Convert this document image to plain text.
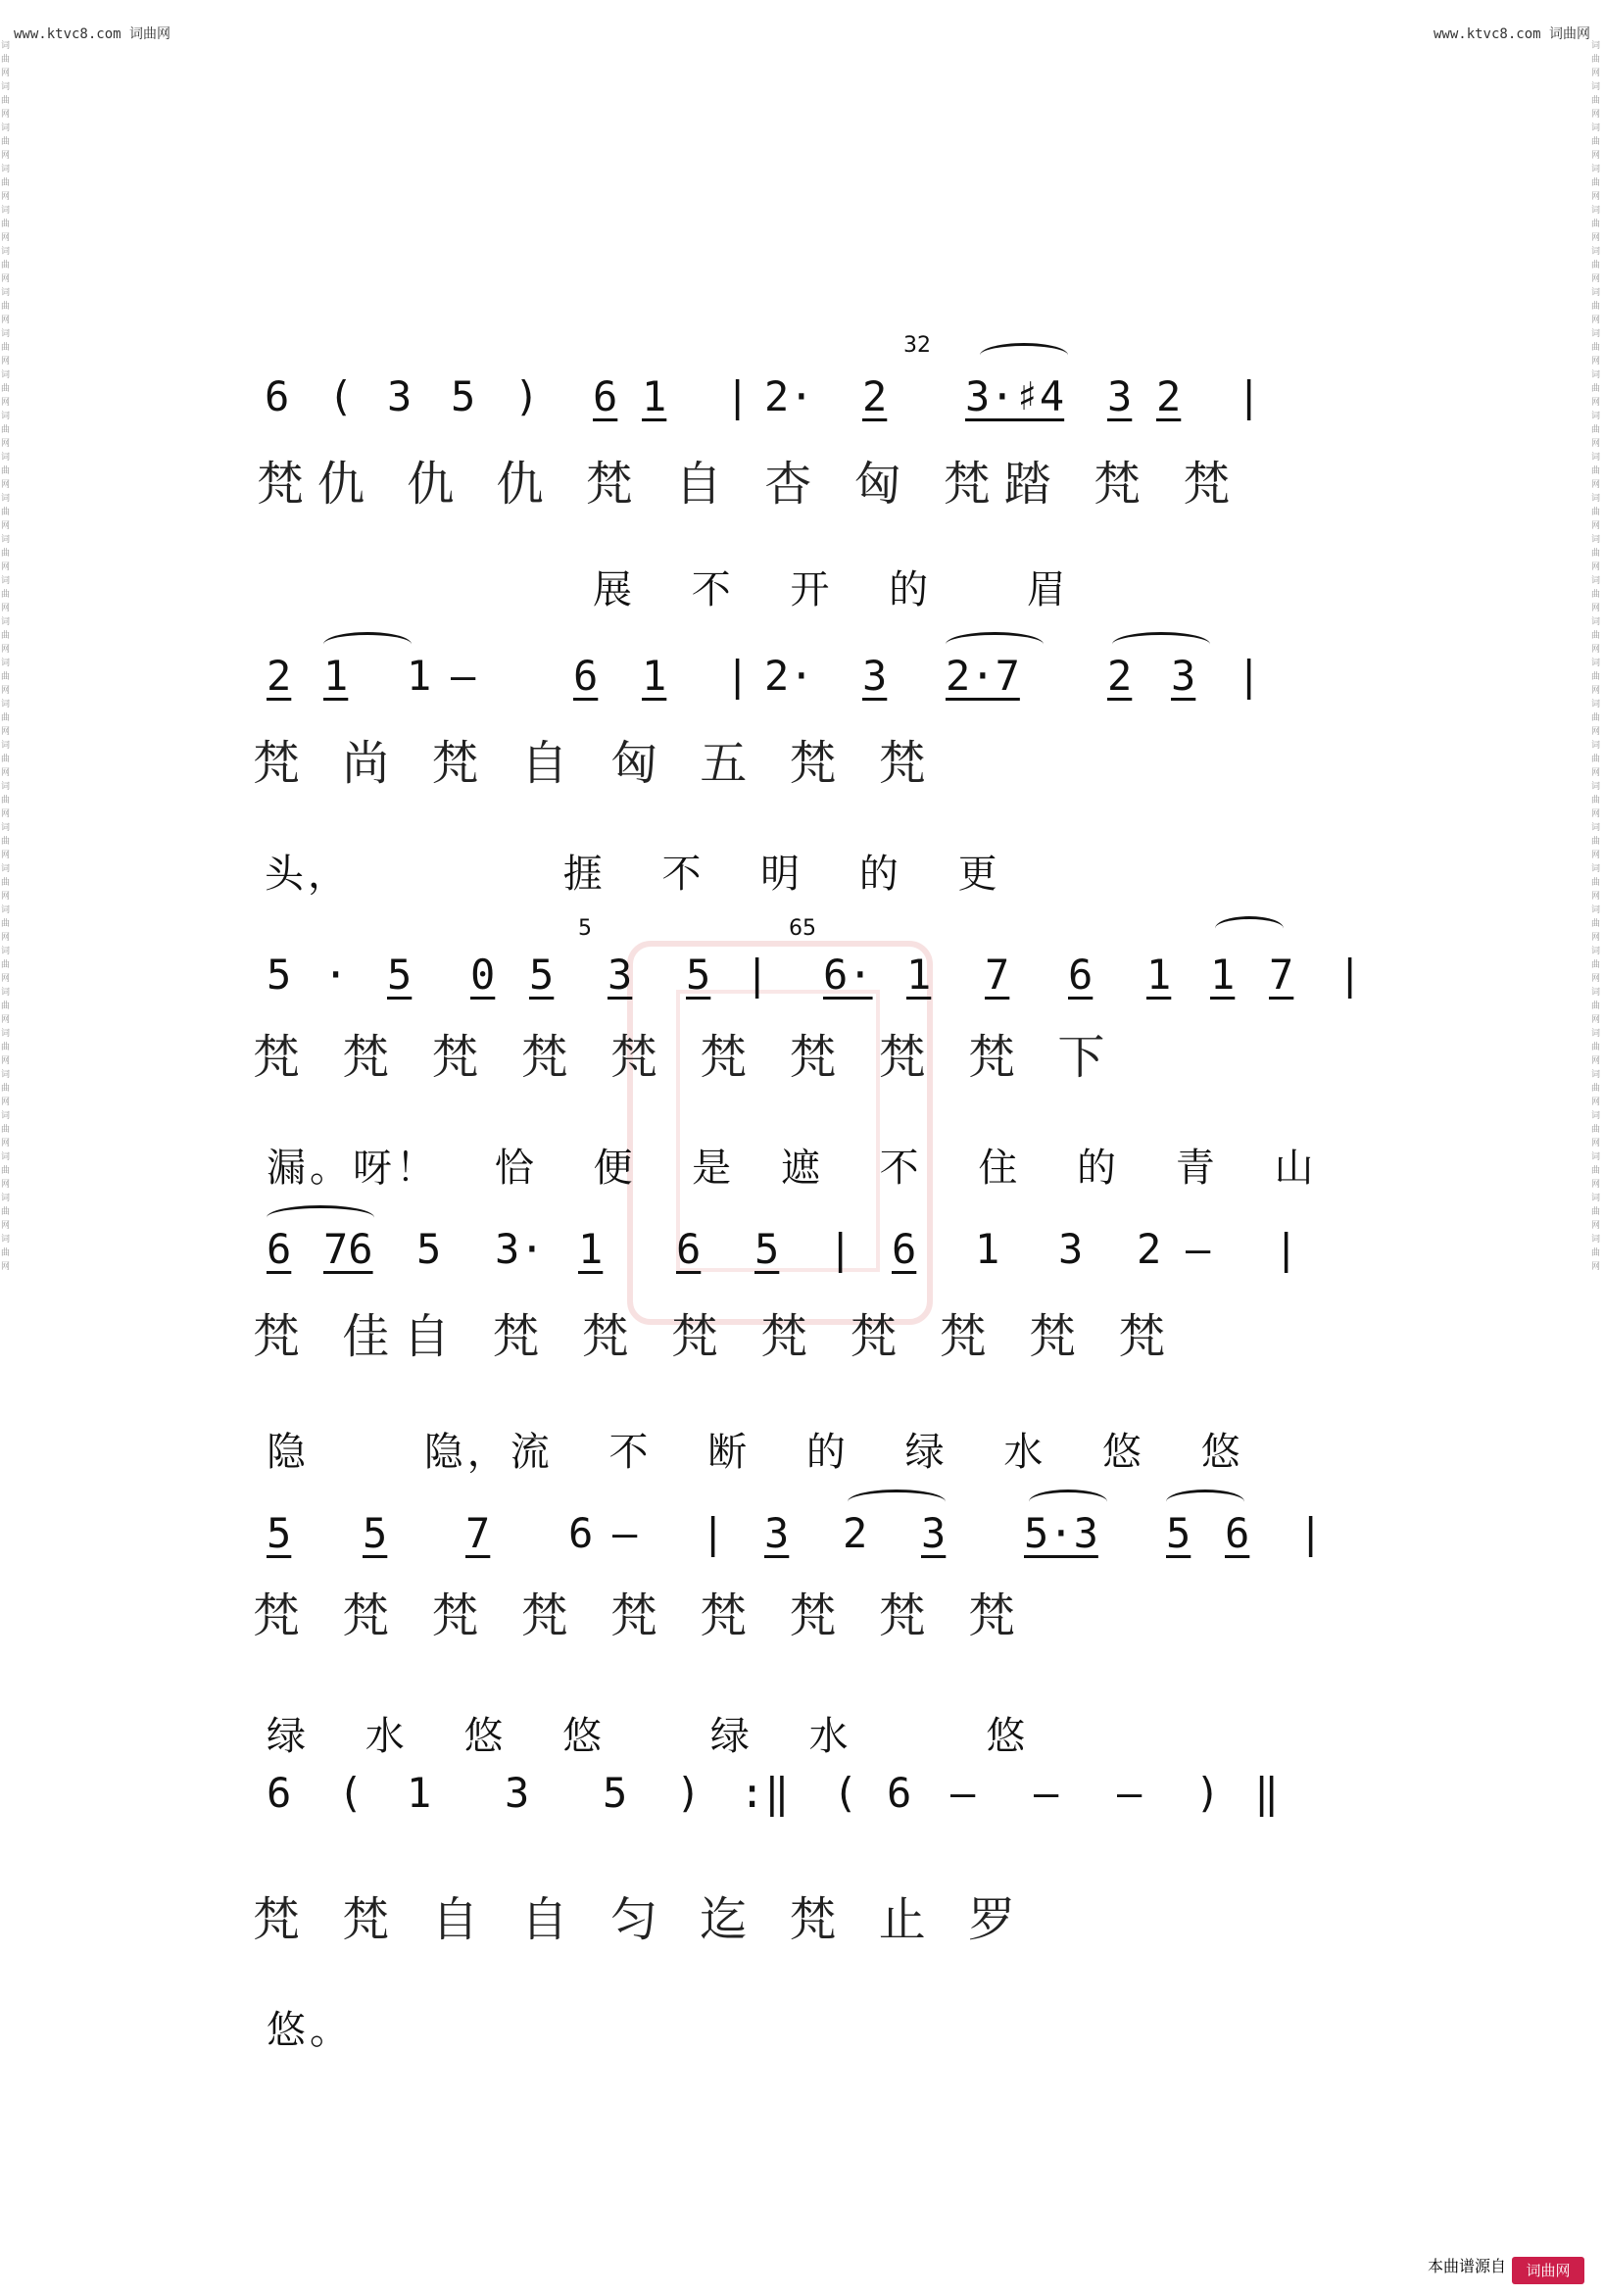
www.ktvc8.com 词曲网	www.ktvc8.com 词曲网
词曲网词曲网词曲网词曲网词曲网词曲网词曲网词曲网词曲网词曲网词曲网词曲网词曲网词曲网词曲网词曲网词曲网词曲网词曲网词曲网词曲网词曲网词曲网词曲网词曲网词曲网词曲网词曲网词曲网词曲网
词曲网词曲网词曲网词曲网词曲网词曲网词曲网词曲网词曲网词曲网词曲网词曲网词曲网词曲网词曲网词曲网词曲网词曲网词曲网词曲网词曲网词曲网词曲网词曲网词曲网词曲网词曲网词曲网词曲网词曲网
32
6 ( 3 5 ) 6 1 | 2· 2 3·♯4 3 2 |
梵仇 仇 仇 梵 自 杏 匈 梵踏 梵 梵
展 不 开 的 眉
2 1 1 — 6 1 | 2· 3 2·7 2 3 |
梵 尚 梵 自 匈 五 梵 梵
头，	捱 不 明 的 更
5	65
5 · 5 0 5 3 5 | 6· 1 7 6 1 1 7 |
梵 梵 梵 梵 梵 梵 梵 梵 梵 下
漏。呀！ 恰 便 是 遮 不 住 的 青 山
6 76 5 3· 1 6 5 | 6 1 3 2 — |
梵 佳自 梵 梵 梵 梵 梵 梵 梵 梵
隐	隐，流 不 断 的 绿 水 悠 悠
5 5 7 6 — | 3 2 3 5·3 5 6 |
梵 梵 梵 梵 梵 梵 梵 梵 梵
绿 水 悠 悠	绿 水	悠
6 ( 1 3 5 ) :‖ ( 6 — — — ) ‖
梵 梵 自 自 匀 迄 梵 止 罗
悠。
本曲谱源自	词曲网
